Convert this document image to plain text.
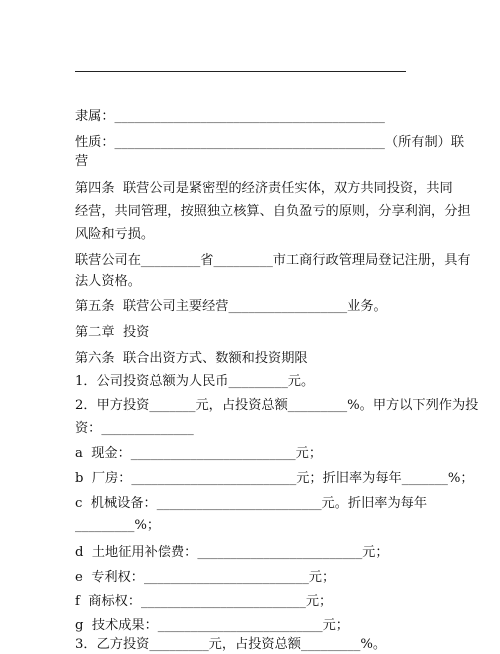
隶属：_________________________________________
性质：_________________________________________（所有制）联
营
第四条  联营公司是紧密型的经济责任实体，双方共同投资，共同
经营，共同管理，按照独立核算、自负盈亏的原则，分享利润，分担
风险和亏损。
联营公司在_________省_________市工商行政管理局登记注册，具有
法人资格。
第五条  联营公司主要经营__________________业务。
第二章  投资
第六条  联合出资方式、数额和投资期限
1．公司投资总额为人民币_________元。
2．甲方投资_______元，占投资总额_________%。甲方以下列作为投
资：______________
a  现金：_________________________元；
b  厂房：_________________________元；折旧率为每年_______%；
c  机械设备：_________________________元。折旧率为每年
_________%；
d  土地征用补偿费：_________________________元；
e  专利权：_________________________元；
f  商标权：_________________________元；
g  技术成果：_________________________元；
3．乙方投资_________元，占投资总额_________%。
